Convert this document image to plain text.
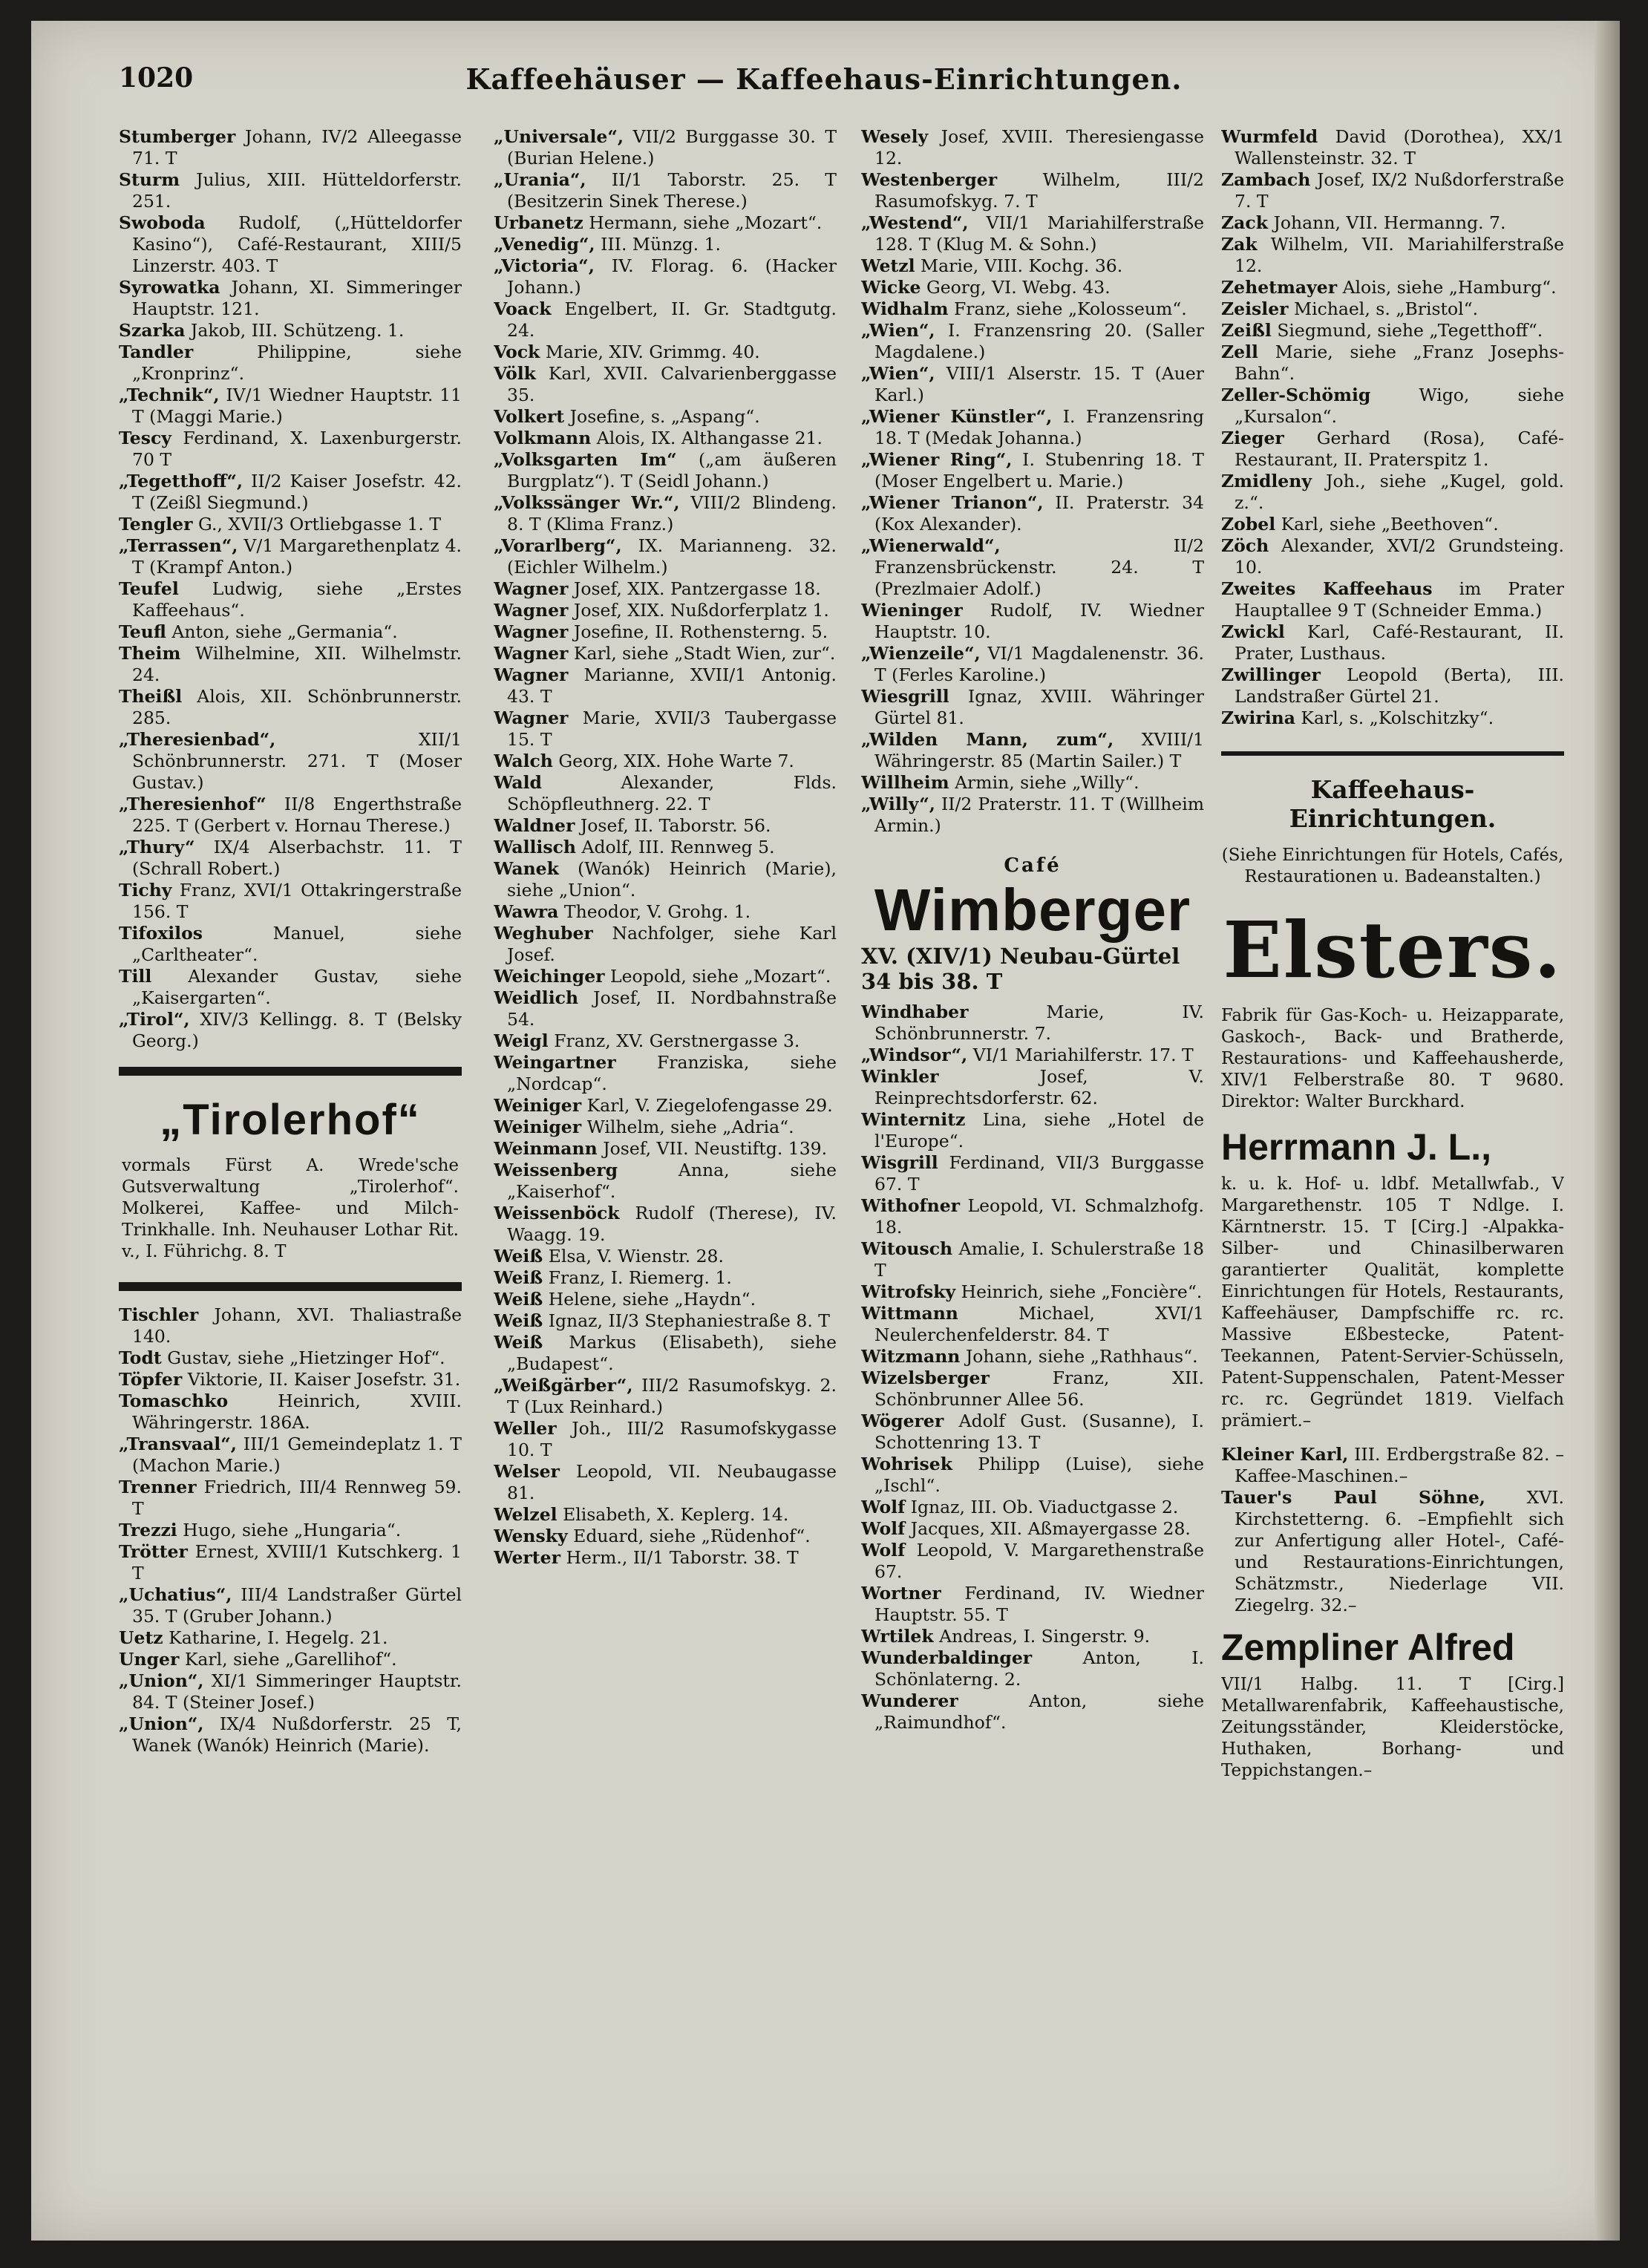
1020	Kaffeehäuser — Kaffeehaus-Einrichtungen.

Stumberger Johann, IV/2 Alleegasse 71. T

Sturm Julius, XIII. Hütteldorferstr. 251.

Swoboda Rudolf, („Hütteldorfer Kasino“), Café-Restaurant, XIII/5 Linzerstr. 403. T

Syrowatka Johann, XI. Simmeringer Hauptstr. 121.

Szarka Jakob, III. Schützeng. 1.

Tandler	Philippine, siehe „Kronprinz“.

„Technik“, IV/1 Wiedner Hauptstr. 11 T (Maggi Marie.)

Tescy Ferdinand, X. Laxenburgerstr. 70 T

„Tegetthoff“, II/2 Kaiser Josefstr. 42. T (Zeißl Siegmund.)

Tengler G., XVII/3 Ortliebgasse 1. T

„Terrassen“, V/1 Margarethenplatz 4. T (Krampf Anton.)

Teufel Ludwig, siehe „Erstes Kaffeehaus“.

Teufl Anton, siehe „Germania“.

Theim Wilhelmine, XII. Wilhelmstr. 24.

Theißl Alois, XII. Schönbrunnerstr. 285.

„Theresienbad“,	XII/1 Schönbrunnerstr. 271. T (Moser Gustav.)

„Theresienhof“ II/8 Engerthstraße 225. T (Gerbert v. Hornau Therese.)

„Thury“ IX/4 Alserbachstr. 11. T (Schrall Robert.)

Tichy Franz, XVI/1 Ottakringerstraße 156. T

Tifoxilos	Manuel, siehe „Carltheater“.

Till Alexander Gustav, siehe „Kaisergarten“.

„Tirol“, XIV/3 Kellingg. 8. T (Belsky Georg.)

„Tirolerhof“
vormals Fürst A. Wrede'sche Gutsverwaltung „Tirolerhof“. Molkerei, Kaffee- und Milch-Trinkhalle. Inh. Neuhauser Lothar Rit. v., I. Führichg. 8. T

Tischler Johann, XVI. Thaliastraße 140.

Todt Gustav, siehe „Hietzinger Hof“.

Töpfer Viktorie, II. Kaiser Josefstr. 31.

Tomaschko	Heinrich, XVIII. Währingerstr. 186A.

„Transvaal“, III/1 Gemeindeplatz 1. T (Machon Marie.)

Trenner Friedrich, III/4 Rennweg 59. T

Trezzi Hugo, siehe „Hungaria“.

Trötter Ernest, XVIII/1 Kutschkerg. 1 T

„Uchatius“, III/4 Landstraßer Gürtel 35. T (Gruber Johann.)

Uetz Katharine, I. Hegelg. 21.

Unger Karl, siehe „Garellihof“.

„Union“, XI/1 Simmeringer Hauptstr. 84. T (Steiner Josef.)

„Union“, IX/4 Nußdorferstr. 25 T, Wanek (Wanók) Heinrich (Marie).

„Universale“, VII/2 Burggasse 30. T (Burian Helene.)

„Urania“, II/1 Taborstr. 25. T (Besitzerin Sinek Therese.)

Urbanetz Hermann, siehe „Mozart“.

„Venedig“, III. Münzg. 1.

„Victoria“, IV. Florag. 6. (Hacker Johann.)

Voack Engelbert, II. Gr. Stadtgutg. 24.

Vock Marie, XIV. Grimmg. 40.

Völk Karl, XVII. Calvarienberggasse 35.

Volkert Josefine, s. „Aspang“.

Volkmann Alois, IX. Althangasse 21.

„Volksgarten Im“ („am äußeren Burgplatz“). T (Seidl Johann.)

„Volkssänger Wr.“, VIII/2 Blindeng. 8. T (Klima Franz.)

„Vorarlberg“, IX. Marianneng. 32. (Eichler Wilhelm.)

Wagner Josef, XIX. Pantzergasse 18.

Wagner Josef, XIX. Nußdorferplatz 1.

Wagner Josefine, II. Rothensterng. 5.

Wagner Karl, siehe „Stadt Wien, zur“.

Wagner Marianne, XVII/1 Antonig. 43. T

Wagner Marie, XVII/3 Taubergasse 15. T

Walch Georg, XIX. Hohe Warte 7.

Wald	Alexander, Flds. Schöpfleuthnerg. 22. T

Waldner Josef, II. Taborstr. 56.

Wallisch Adolf, III. Rennweg 5.

Wanek (Wanók) Heinrich (Marie), siehe „Union“.

Wawra Theodor, V. Grohg. 1.

Weghuber Nachfolger, siehe Karl Josef.

Weichinger Leopold, siehe „Mozart“.

Weidlich Josef, II. Nordbahnstraße 54.

Weigl Franz, XV. Gerstnergasse 3.

Weingartner Franziska, siehe „Nordcap“.

Weiniger Karl, V. Ziegelofengasse 29.

Weiniger Wilhelm, siehe „Adria“.

Weinmann Josef, VII. Neustiftg. 139.

Weissenberg	Anna, siehe „Kaiserhof“.

Weissenböck Rudolf (Therese), IV. Waagg. 19.

Weiß Elsa, V. Wienstr. 28.

Weiß Franz, I. Riemerg. 1.

Weiß Helene, siehe „Haydn“.

Weiß Ignaz, II/3 Stephaniestraße 8. T

Weiß Markus (Elisabeth), siehe „Budapest“.

„Weißgärber“, III/2 Rasumofskyg. 2. T (Lux Reinhard.)

Weller Joh., III/2 Rasumofskygasse 10. T

Welser Leopold, VII. Neubaugasse 81.

Welzel Elisabeth, X. Keplerg. 14.

Wensky Eduard, siehe „Rüdenhof“.

Werter Herm., II/1 Taborstr. 38. T

Wesely Josef, XVIII. Theresiengasse 12.

Westenberger	Wilhelm, III/2 Rasumofskyg. 7. T

„Westend“, VII/1 Mariahilferstraße 128. T (Klug M. & Sohn.)

Wetzl Marie, VIII. Kochg. 36.

Wicke Georg, VI. Webg. 43.

Widhalm Franz, siehe „Kolosseum“.

„Wien“, I. Franzensring 20. (Saller Magdalene.)

„Wien“, VIII/1 Alserstr. 15. T (Auer Karl.)

„Wiener Künstler“, I. Franzensring 18. T (Medak Johanna.)

„Wiener Ring“, I. Stubenring 18. T (Moser Engelbert u. Marie.)

„Wiener Trianon“, II. Praterstr. 34 (Kox Alexander).

„Wienerwald“,	II/2 Franzensbrückenstr. 24. T (Prezlmaier Adolf.)

Wieninger Rudolf, IV. Wiedner Hauptstr. 10.

„Wienzeile“, VI/1 Magdalenenstr. 36. T (Ferles Karoline.)

Wiesgrill Ignaz, XVIII. Währinger Gürtel 81.

„Wilden Mann, zum“, XVIII/1 Währingerstr. 85 (Martin Sailer.) T

Willheim Armin, siehe „Willy“.

„Willy“, II/2 Praterstr. 11. T (Willheim Armin.)

Café
Wimberger
XV. (XIV/1) Neubau-Gürtel 34 bis 38. T

Windhaber	Marie, IV. Schönbrunnerstr. 7.

„Windsor“, VI/1 Mariahilferstr. 17. T

Winkler	Josef, V. Reinprechtsdorferstr. 62.

Winternitz Lina, siehe „Hotel de l'Europe“.

Wisgrill Ferdinand, VII/3 Burggasse 67. T

Withofner Leopold, VI. Schmalzhofg. 18.

Witousch Amalie, I. Schulerstraße 18 T

Witrofsky Heinrich, siehe „Foncière“.

Wittmann	Michael, XVI/1 Neulerchenfelderstr. 84. T

Witzmann Johann, siehe „Rathhaus“.

Wizelsberger	Franz, XII. Schönbrunner Allee 56.

Wögerer Adolf Gust. (Susanne), I. Schottenring 13. T

Wohrisek Philipp (Luise), siehe „Ischl“.

Wolf Ignaz, III. Ob. Viaductgasse 2.

Wolf Jacques, XII. Aßmayergasse 28.

Wolf Leopold, V. Margarethenstraße 67.

Wortner Ferdinand, IV. Wiedner Hauptstr. 55. T

Wrtilek Andreas, I. Singerstr. 9.

Wunderbaldinger	Anton, I. Schönlaterng. 2.

Wunderer	Anton, siehe „Raimundhof“.

Wurmfeld David (Dorothea), XX/1 Wallensteinstr. 32. T

Zambach Josef, IX/2 Nußdorferstraße 7. T

Zack Johann, VII. Hermanng. 7.

Zak Wilhelm, VII. Mariahilferstraße 12.

Zehetmayer Alois, siehe „Hamburg“.

Zeisler Michael, s. „Bristol“.

Zeißl Siegmund, siehe „Tegetthoff“.

Zell Marie, siehe „Franz Josephs-Bahn“.

Zeller-Schömig	Wigo, siehe „Kursalon“.

Zieger Gerhard (Rosa), Café-Restaurant, II. Praterspitz 1.

Zmidleny Joh., siehe „Kugel, gold. z.“.

Zobel Karl, siehe „Beethoven“.

Zöch Alexander, XVI/2 Grundsteing. 10.

Zweites Kaffeehaus im Prater Hauptallee 9 T (Schneider Emma.)

Zwickl Karl, Café-Restaurant, II. Prater, Lusthaus.

Zwillinger Leopold (Berta), III. Landstraßer Gürtel 21.

Zwirina Karl, s. „Kolschitzky“.

Kaffeehaus-Einrichtungen.
(Siehe Einrichtungen für Hotels, Cafés, Restaurationen u. Badeanstalten.)
Elsters.
Fabrik für Gas-Koch- u. Heizapparate, Gaskoch-, Back- und Bratherde, Restaurations- und Kaffeehausherde, XIV/1 Felberstraße 80. T 9680. Direktor: Walter Burckhard.
Herrmann J. L.,
k. u. k. Hof- u. ldbf. Metallwfab., V Margarethenstr. 105 T Ndlge. I. Kärntnerstr. 15. T [Cirg.] -Alpakka-Silber- und Chinasilberwaren garantierter Qualität, komplette Einrichtungen für Hotels, Restaurants, Kaffeehäuser, Dampfschiffe rc. rc. Massive Eßbestecke, Patent-Teekannen, Patent-Servier-Schüsseln, Patent-Suppenschalen, Patent-Messer rc. rc. Gegründet 1819. Vielfach prämiert.–

Kleiner Karl, III. Erdbergstraße 82. –Kaffee-Maschinen.–

Tauer's Paul Söhne, XVI. Kirchstetterng. 6. –Empfiehlt sich zur Anfertigung aller Hotel-, Café- und Restaurations-Einrichtungen, Schätzmstr., Niederlage VII. Ziegelrg. 32.–

Zempliner Alfred
VII/1 Halbg. 11. T [Cirg.] Metallwarenfabrik, Kaffeehaustische, Zeitungsständer, Kleiderstöcke, Huthaken, Borhang- und Teppichstangen.–
